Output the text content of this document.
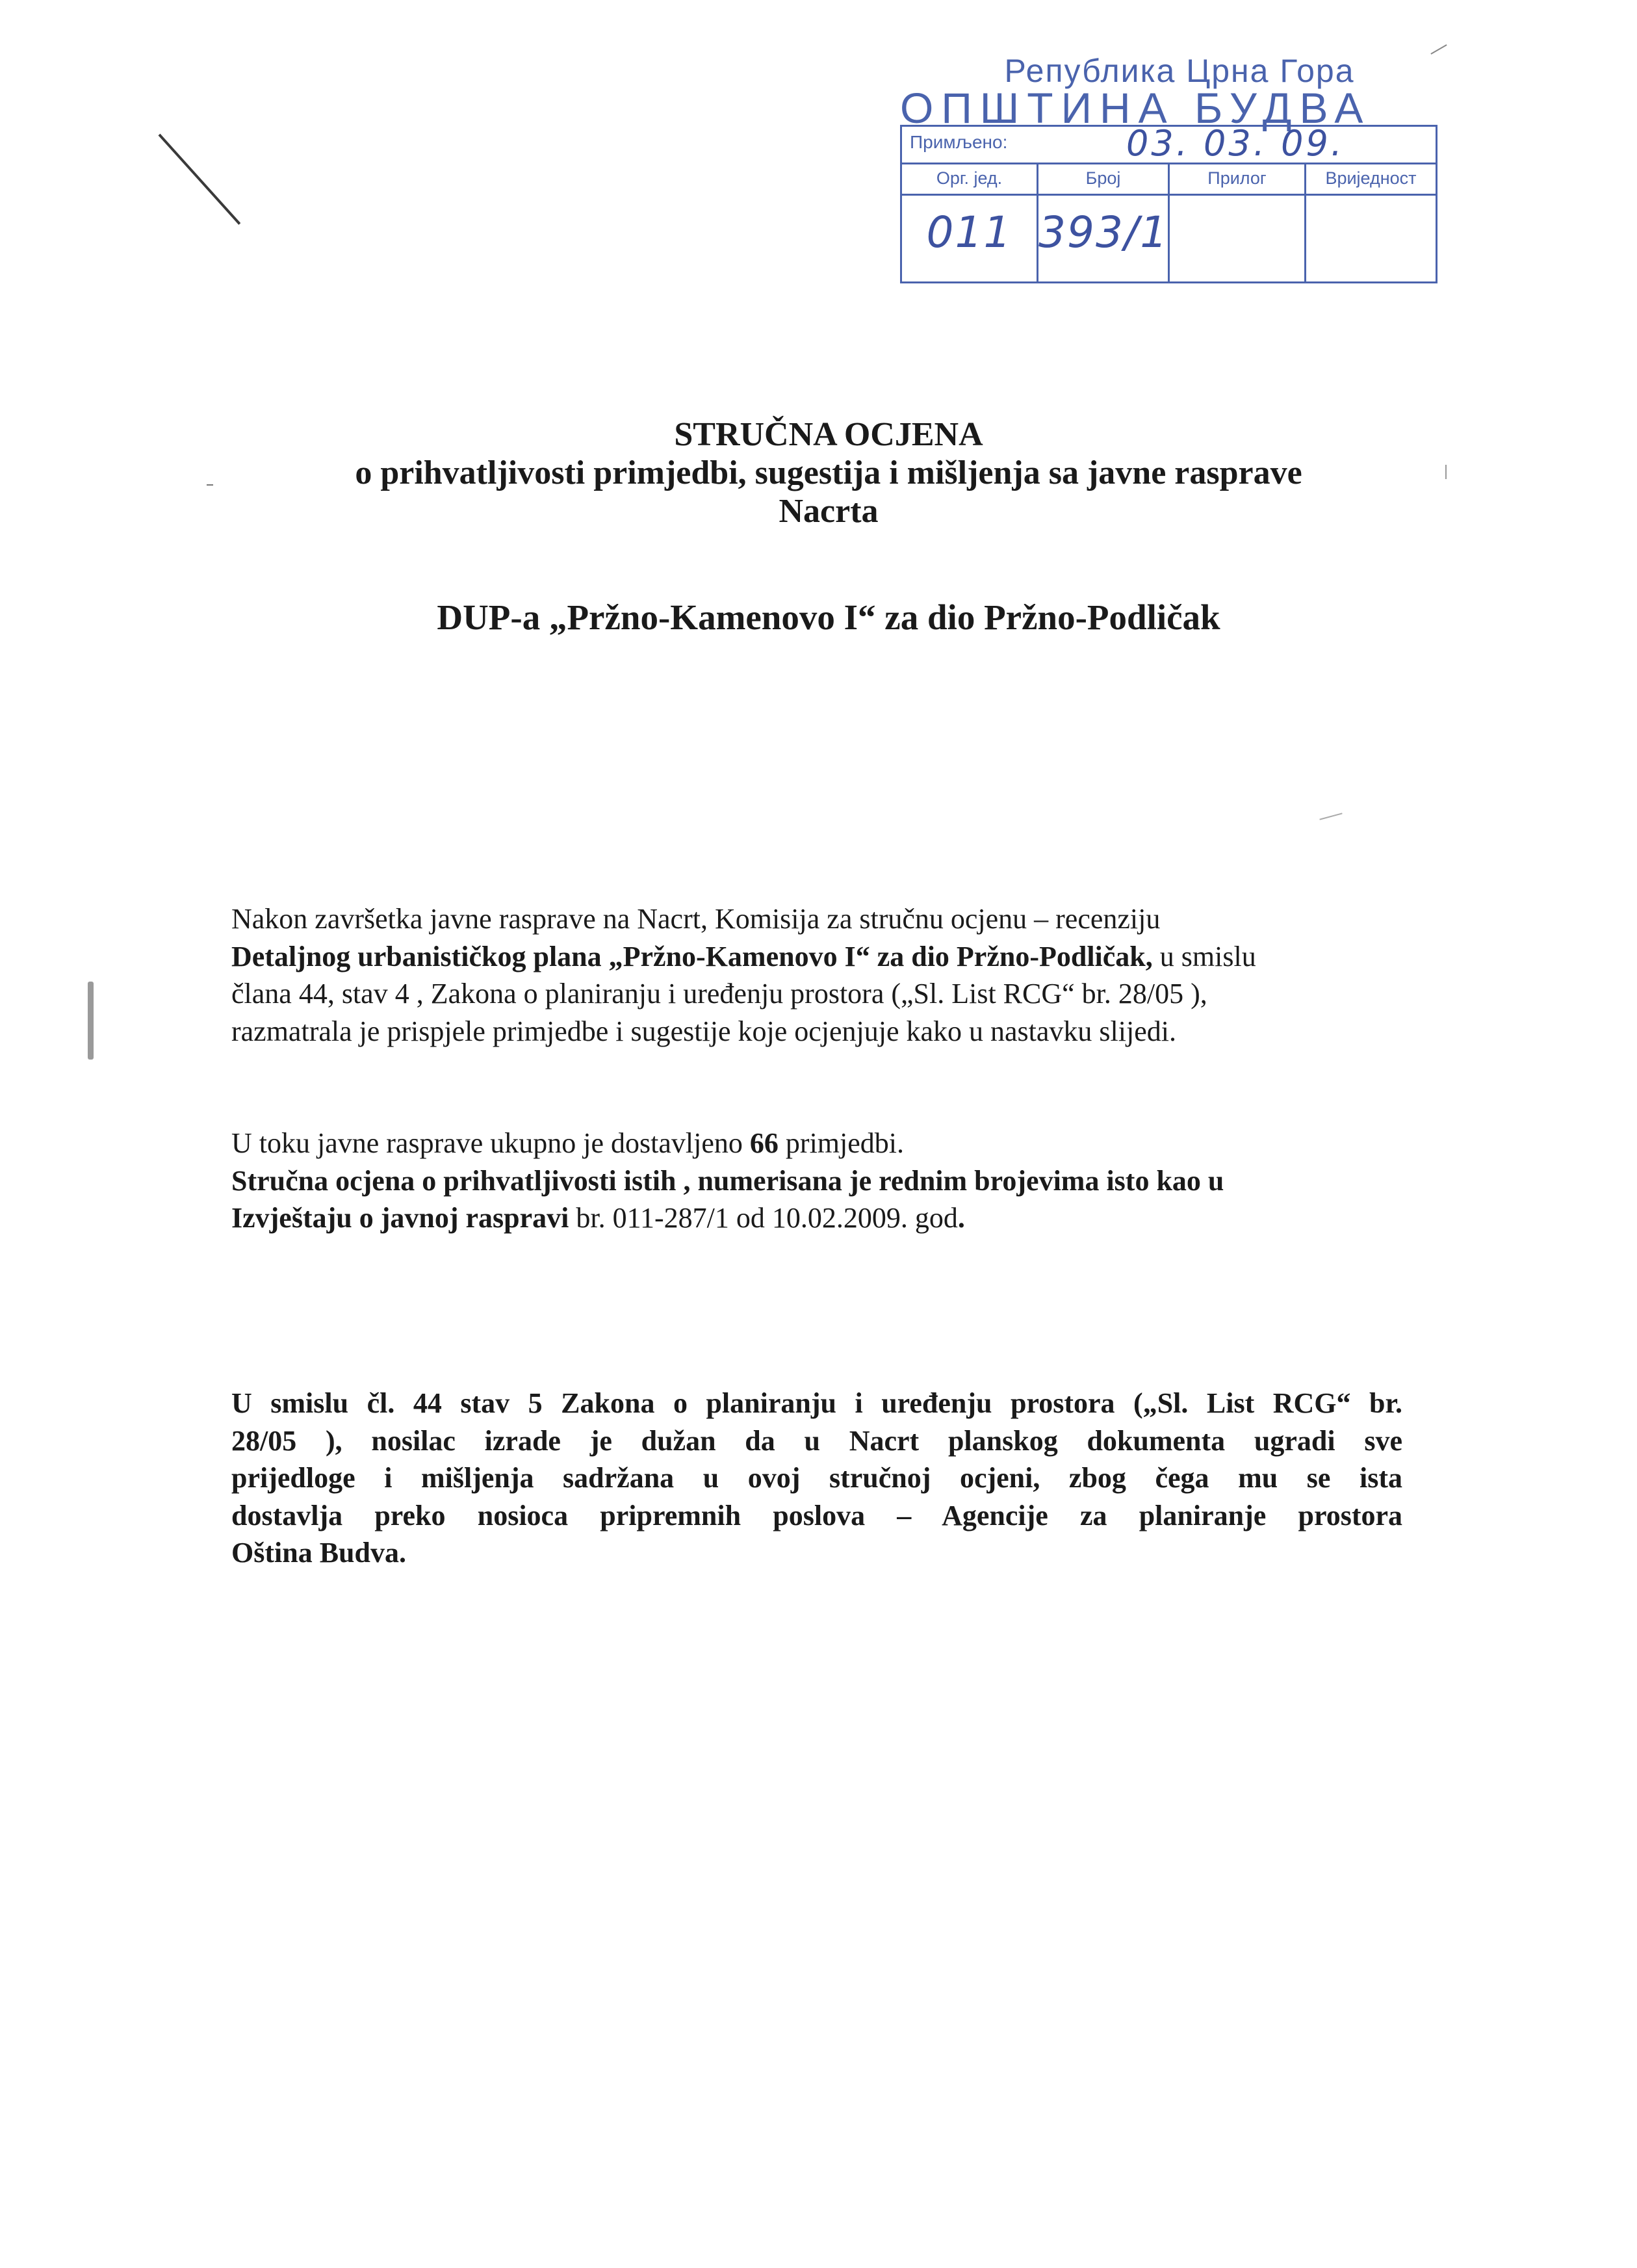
Република Црна Гора
ОПШТИНА БУДВА
Примљено:	03. 03. 09.
Орг. јед.
011
Број
393/1
Прилог	Вриједност
STRUČNA OCJENA
o prihvatljivosti primjedbi, sugestija i mišljenja sa javne rasprave
Nacrta
DUP-a „Pržno-Kamenovo I“ za dio Pržno-Podličak
Nakon završetka javne rasprave na Nacrt, Komisija za stručnu ocjenu – recenziju
Detaljnog urbanističkog plana „Pržno-Kamenovo I“ za dio Pržno-Podličak, u smislu
člana 44, stav 4 , Zakona o planiranju i uređenju prostora („Sl. List RCG“ br. 28/05 ),
razmatrala je prispjele primjedbe i sugestije koje ocjenjuje kako u nastavku slijedi.
U toku javne rasprave ukupno je dostavljeno 66 primjedbi.
Stručna ocjena o prihvatljivosti istih , numerisana je rednim brojevima isto kao u
Izvještaju o javnoj raspravi br. 011-287/1 od 10.02.2009. god.
U smislu čl. 44 stav 5 Zakona o planiranju i uređenju prostora („Sl. List RCG“ br.
28/05 ), nosilac izrade je dužan da u Nacrt planskog dokumenta ugradi sve
prijedloge i mišljenja sadržana u ovoj stručnoj ocjeni, zbog čega mu se ista
dostavlja preko nosioca pripremnih poslova – Agencije za planiranje prostora
Oština Budva.
